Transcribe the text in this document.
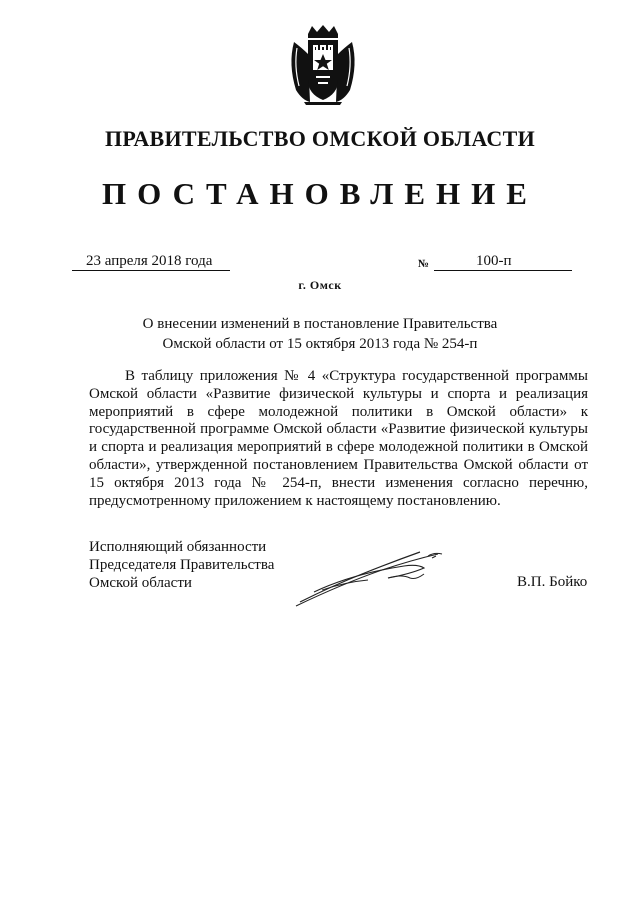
ПРАВИТЕЛЬСТВО ОМСКОЙ ОБЛАСТИ
ПОСТАНОВЛЕНИЕ
23 апреля 2018 года	№	100-п
г. Омск
О внесении изменений в постановление Правительства
Омской области от 15 октября 2013 года № 254-п

В таблицу приложения № 4 «Структура государственной программы Омской области «Развитие физической культуры и спорта и реализация мероприятий в сфере молодежной политики в Омской области» к государственной программе Омской области «Развитие физической культуры и спорта и реализация мероприятий в сфере молодежной политики в Омской области», утвержденной постановлением Правительства Омской области от 15 октября 2013 года № 254-п, внести изменения согласно перечню, предусмотренному приложением к настоящему постановлению.

Исполняющий обязанности
Председателя Правительства
Омской области	В.П. Бойко
